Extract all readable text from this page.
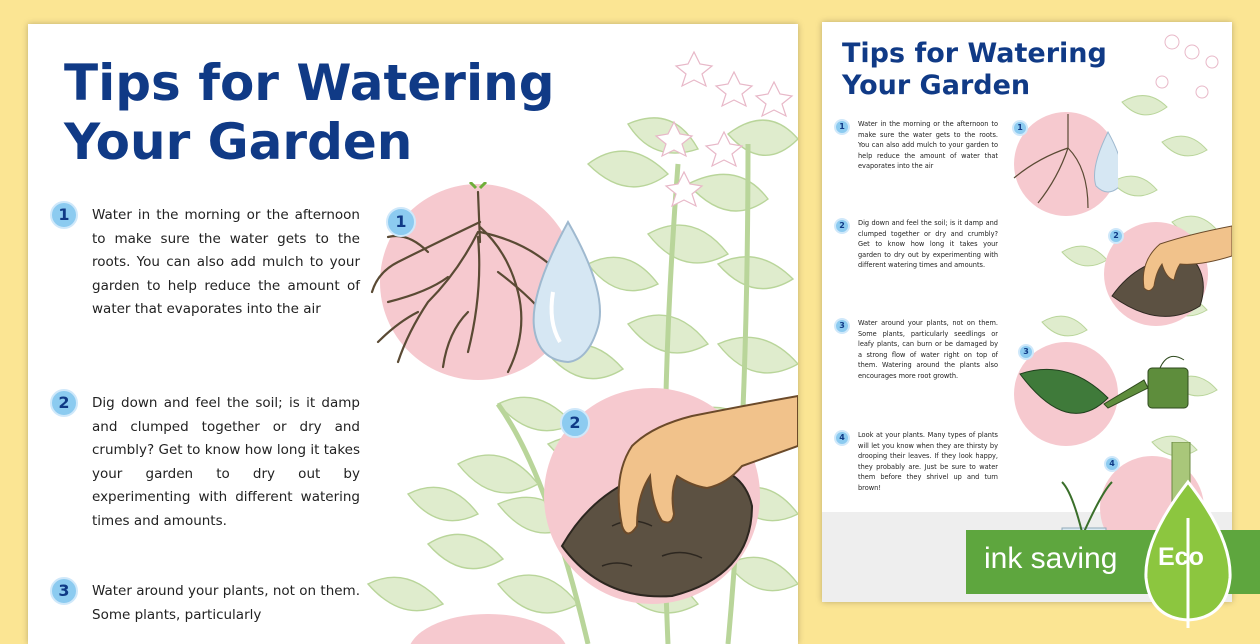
1
2
Tips for Watering
Your Garden
1	Water in the morning or the afternoon to make sure the water gets to the roots. You can also add mulch to your garden to help reduce the amount of water that evaporates into the air

2	Dig down and feel the soil; is it damp and clumped together or dry and crumbly? Get to know how long it takes your garden to dry out by experimenting with different watering times and amounts.

3	Water around your plants, not on them. Some plants, particularly

1
2
3
4
Tips for Watering
Your Garden
1	Water in the morning or the afternoon to make sure the water gets to the roots. You can also add mulch to your garden to help reduce the amount of water that evaporates into the air

2	Dig down and feel the soil; is it damp and clumped together or dry and crumbly? Get to know how long it takes your garden to dry out by experimenting with different watering times and amounts.

3	Water around your plants, not on them. Some plants, particularly seedlings or leafy plants, can burn or be damaged by a strong flow of water right on top of them. Watering around the plants also encourages more root growth.

4	Look at your plants. Many types of plants will let you know when they are thirsty by drooping their leaves. If they look happy, they probably are. Just be sure to water them before they shrivel up and turn brown!

ink saving Eco
